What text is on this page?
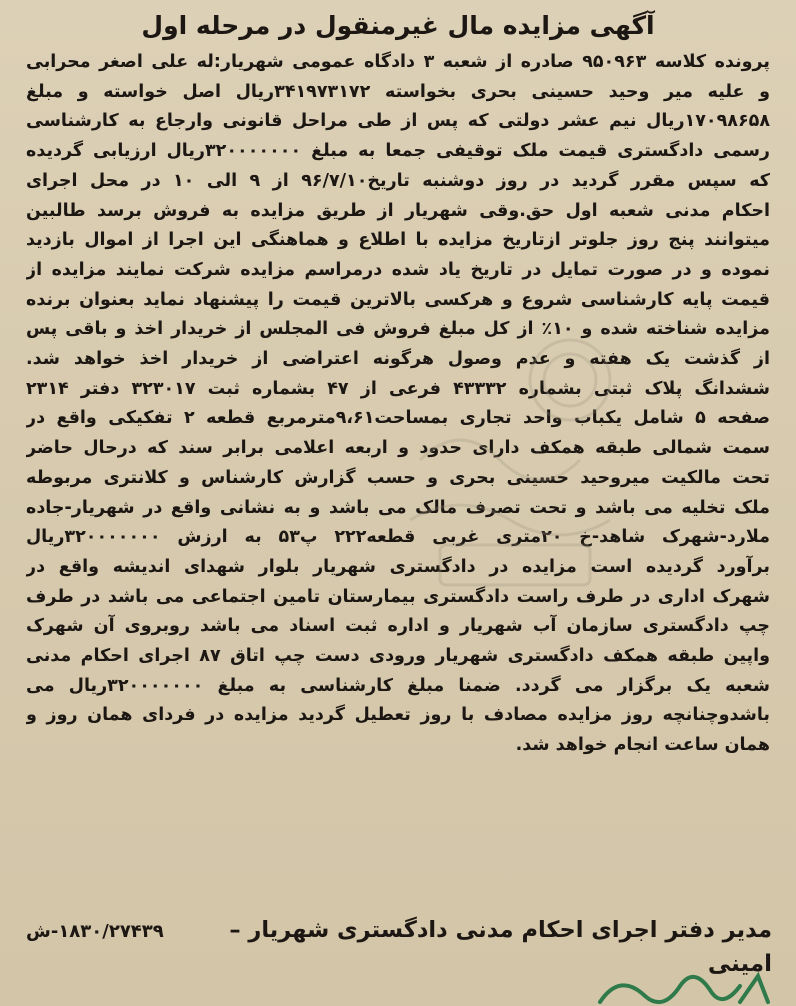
آگهی مزایده مال غیرمنقول در مرحله اول
پرونده کلاسه ۹۵۰۹۶۳ صادره از شعبه ۳ دادگاه عمومی شهریار:له علی اصغر محرابی
و علیه میر وحید حسینی بحری بخواسته ۳۴۱۹۷۳۱۷۲ریال اصل خواسته و مبلغ
۱۷۰۹۸۶۵۸ریال نیم عشر دولتی که پس از طی مراحل قانونی وارجاع به کارشناسی
رسمی دادگستری قیمت ملک توقیفی جمعا به مبلغ ۳۲۰۰۰۰۰۰۰ریال ارزیابی گردیده
که سپس مقرر گردید در روز دوشنبه تاریخ۹۶/۷/۱۰ از ۹ الی ۱۰ در محل اجرای
احکام مدنی شعبه اول حق.وقی شهریار از طریق مزایده به فروش برسد طالبین
میتوانند پنج روز جلوتر ازتاریخ مزایده با اطلاع و هماهنگی این اجرا از اموال بازدید
نموده و در صورت تمایل در تاریخ یاد شده درمراسم مزایده شرکت نمایند مزایده از
قیمت پایه کارشناسی شروع و هرکسی بالاترین قیمت را پیشنهاد نماید بعنوان برنده
مزایده شناخته شده و ۱۰٪ از کل مبلغ فروش فی المجلس از خریدار اخذ و باقی پس
از گذشت یک هفته و عدم وصول هرگونه اعتراضی از خریدار اخذ خواهد شد.
ششدانگ پلاک ثبتی بشماره ۴۳۳۳۲ فرعی از ۴۷ بشماره ثبت ۳۲۳۰۱۷ دفتر ۲۳۱۴
صفحه ۵ شامل یکباب واحد تجاری بمساحت۹،۶۱مترمربع قطعه ۲ تفکیکی واقع در
سمت شمالی طبقه همکف دارای حدود و اربعه اعلامی برابر سند که درحال حاضر
تحت مالکیت میروحید حسینی بحری و حسب گزارش کارشناس و کلانتری مربوطه
ملک تخلیه می باشد و تحت تصرف مالک می باشد و به نشانی واقع در شهریار-جاده
ملارد-شهرک شاهد-خ ۲۰متری غربی قطعه۲۲۲ پ۵۳ به ارزش ۳۲۰۰۰۰۰۰۰ریال
برآورد گردیده است مزایده در دادگستری شهریار بلوار شهدای اندیشه واقع در
شهرک اداری در طرف راست دادگستری بیمارستان تامین اجتماعی می باشد در طرف
چپ دادگستری سازمان آب شهریار و اداره ثبت اسناد می باشد روبروی آن شهرک
واپین طبقه همکف دادگستری شهریار ورودی دست چپ اتاق ۸۷ اجرای احکام مدنی
شعبه یک برگزار می گردد. ضمنا مبلغ کارشناسی به مبلغ ۳۲۰۰۰۰۰۰۰ریال می
باشدوچنانچه روز مزایده مصادف با روز تعطیل گردید مزایده در فردای همان روز و
همان ساعت انجام خواهد شد.
مدیر دفتر اجرای احکام مدنی دادگستری شهریار –
۱۸۳۰/۲۷۴۳۹-ش
امینی
